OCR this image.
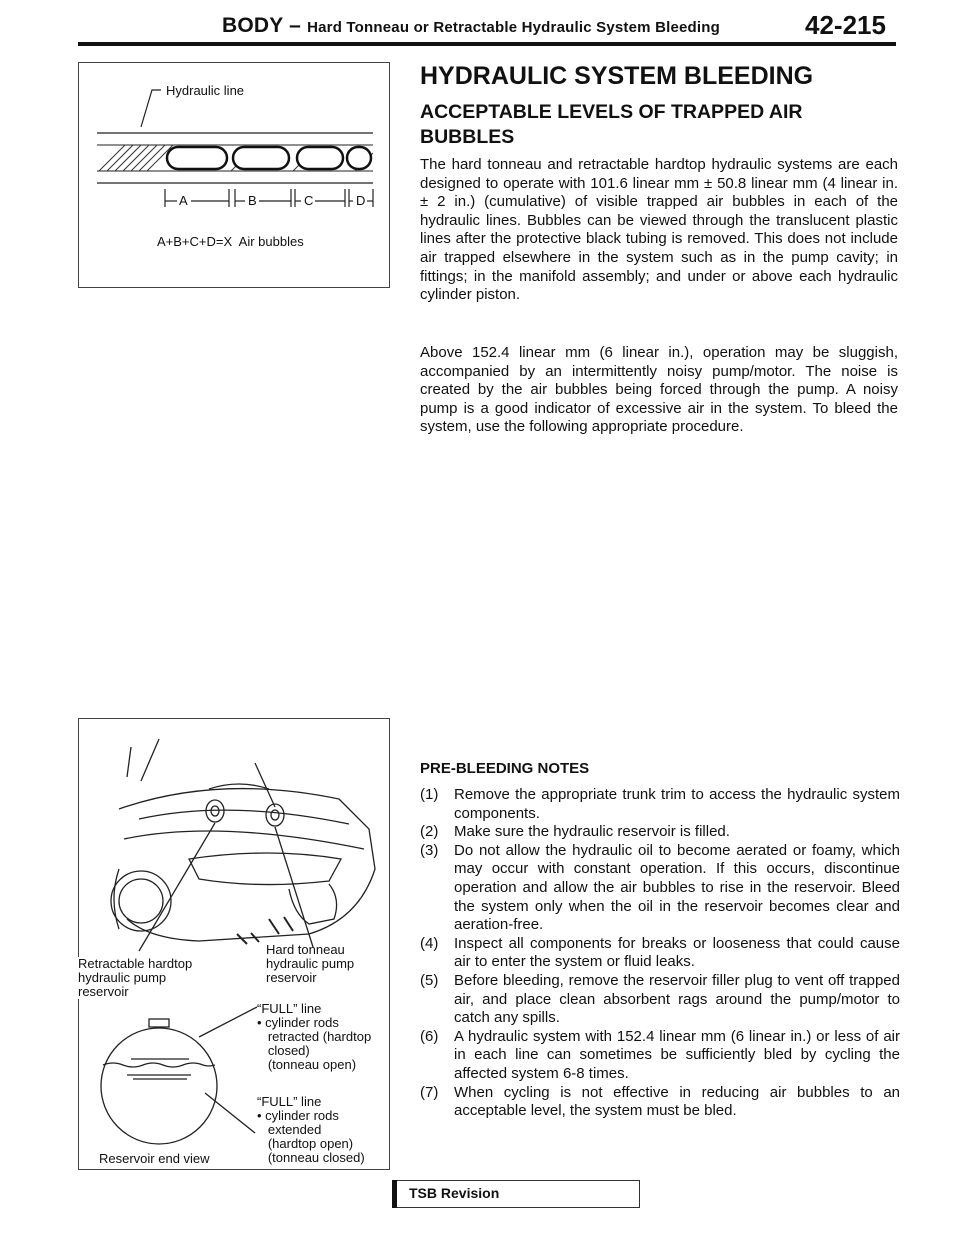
BODY – Hard Tonneau or Retractable Hydraulic System Bleeding	42-215
Hydraulic line
A	B	C	D
A+B+C+D=X  Air bubbles
HYDRAULIC SYSTEM BLEEDING
ACCEPTABLE LEVELS OF TRAPPED AIR BUBBLES
The hard tonneau and retractable hardtop hydraulic systems are each designed to operate with 101.6 linear mm ± 50.8 linear mm (4 linear in. ± 2 in.) (cumulative) of visible trapped air bubbles in each of the hydraulic lines. Bubbles can be viewed through the translucent plastic lines after the protective black tubing is removed. This does not include air trapped elsewhere in the system such as in the pump cavity; in fittings; in the manifold assembly; and under or above each hydraulic cylinder piston.
Above 152.4 linear mm (6 linear in.), operation may be sluggish, accompanied by an intermittently noisy pump/motor. The noise is created by the air bubbles being forced through the pump. A noisy pump is a good indicator of excessive air in the system. To bleed the system, use the following appropriate procedure.
Hard tonneau
hydraulic pump
reservoir
Retractable hardtop
hydraulic pump
reservoir
“FULL” line
• cylinder rods
retracted (hardtop
closed)
(tonneau open)
“FULL” line
• cylinder rods
extended
(hardtop open)
(tonneau closed)
Reservoir end view
PRE-BLEEDING NOTES
(1) Remove the appropriate trunk trim to access the hydraulic system components.
(2) Make sure the hydraulic reservoir is filled.
(3) Do not allow the hydraulic oil to become aerated or foamy, which may occur with constant operation. If this occurs, discontinue operation and allow the air bubbles to rise in the reservoir. Bleed the system only when the oil in the reservoir becomes clear and aeration-free.
(4) Inspect all components for breaks or looseness that could cause air to enter the system or fluid leaks.
(5) Before bleeding, remove the reservoir filler plug to vent off trapped air, and place clean absorbent rags around the pump/motor to catch any spills.
(6) A hydraulic system with 152.4 linear mm (6 linear in.) or less of air in each line can sometimes be sufficiently bled by cycling the affected system 6-8 times.
(7) When cycling is not effective in reducing air bubbles to an acceptable level, the system must be bled.
TSB Revision
